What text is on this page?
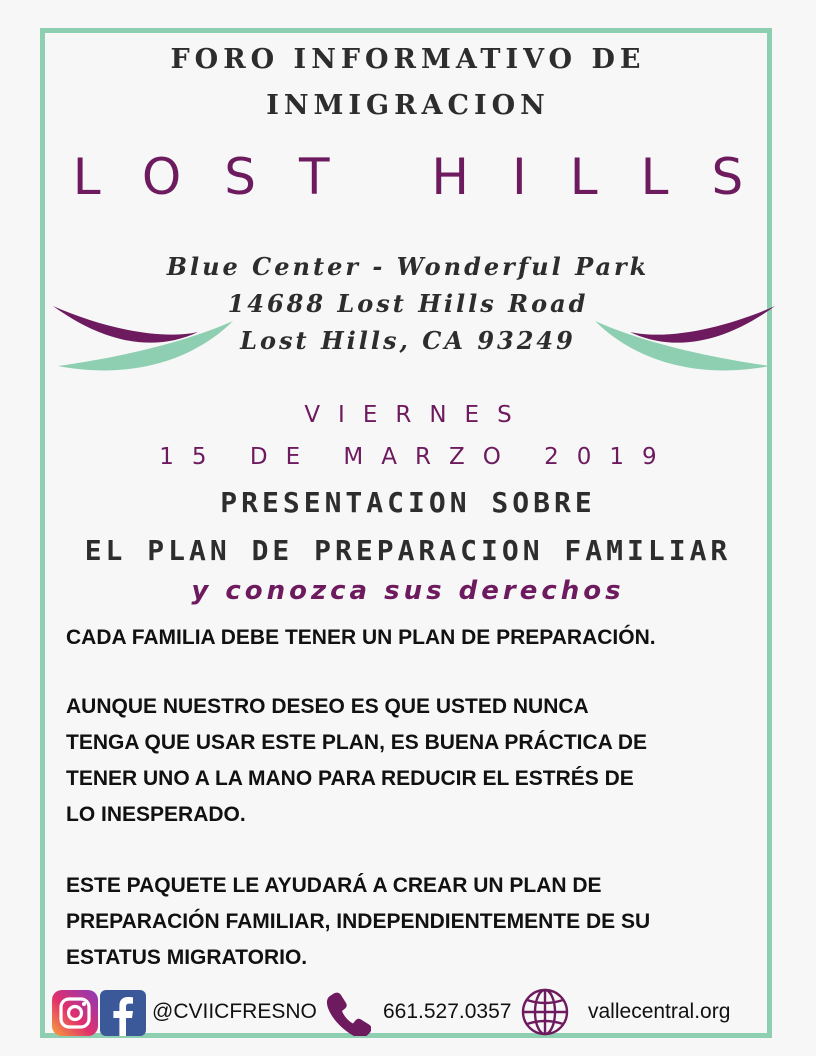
FORO INFORMATIVO DE

INMIGRACION

LOST HILLS

Blue Center - Wonderful Park

14688 Lost Hills Road

Lost Hills, CA 93249

VIERNES

15 DE MARZO 2019

PRESENTACION SOBRE

EL PLAN DE PREPARACION FAMILIAR

y conozca sus derechos

CADA FAMILIA DEBE TENER UN PLAN DE PREPARACIÓN.

AUNQUE NUESTRO DESEO ES QUE USTED NUNCA
TENGA QUE USAR ESTE PLAN, ES BUENA PRÁCTICA DE
TENER UNO A LA MANO PARA REDUCIR EL ESTRÉS DE
LO INESPERADO.
ESTE PAQUETE LE AYUDARÁ A CREAR UN PLAN DE
PREPARACIÓN FAMILIAR, INDEPENDIENTEMENTE DE SU
ESTATUS MIGRATORIO.
@CVIICFRESNO	661.527.0357	vallecentral.org
